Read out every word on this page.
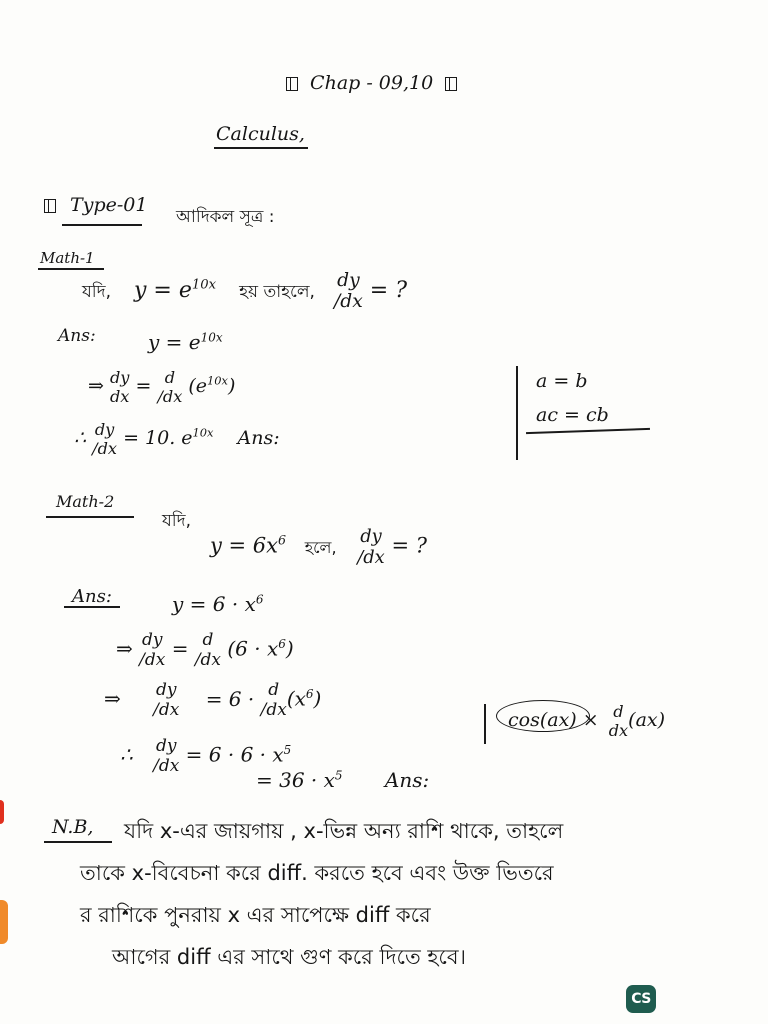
Chap - 09,10
Calculus,
Type-01
আদিকল সূত্র :
Math-1
যদি, $y = e^{10x}$ হয় তাহলে,
dy
/dx = ?
Ans:	$y = e^{10x}$
⇒ dy
dx = d
/dx $(e^{10x})$
∴ dy
/dx = 10. $e^{10x}$ Ans:
a = b
ac = cb
Math-2
যদি,
$y = 6x^6$ হলে, dy
/dx = ?
Ans:	$y = 6 \cdot x^6$
⇒ dy
/dx = d
/dx $(6 \cdot x^6)$
⇒ dy
/dx = 6 · d
/dx $(x^6)$
∴ dy
$/dx = 6 \cdot 6 \cdot x^5$
= $36 \cdot x^5$ Ans:
cos(ax) × d
dx (ax)
N.B, যদি x-এর জায়গায় , x-ভিন্ন অন্য রাশি থাকে, তাহলে
তাকে x-বিবেচনা করে diff. করতে হবে এবং উক্ত ভিতরে
র রাশিকে পুনরায় x এর সাপেক্ষে diff করে
আগের diff এর সাথে গুণ করে দিতে হবে।
CS
